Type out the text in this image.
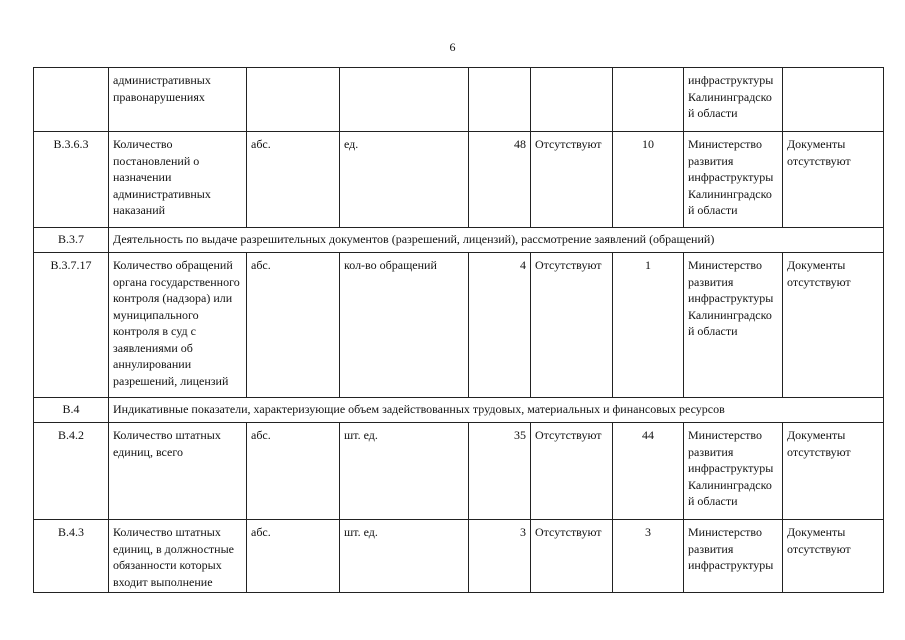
6
	административных правонарушениях						инфраструктуры Калининградской области	
В.3.6.3	Количество постановлений о назначении административных наказаний	абс.	ед.	48	Отсутствуют	10	Министерство развития инфраструктуры Калининградской области	Документы отсутствуют
В.3.7	Деятельность по выдаче разрешительных документов (разрешений, лицензий), рассмотрение заявлений (обращений)							
В.3.7.17	Количество обращений органа государственного контроля (надзора) или муниципального контроля в суд с заявлениями об аннулировании разрешений, лицензий	абс.	кол-во обращений	4	Отсутствуют	1	Министерство развития инфраструктуры Калининградской области	Документы отсутствуют
В.4	Индикативные показатели, характеризующие объем задействованных трудовых, материальных и финансовых ресурсов							
В.4.2	Количество штатных единиц, всего	абс.	шт. ед.	35	Отсутствуют	44	Министерство развития инфраструктуры Калининградской области	Документы отсутствуют
В.4.3	Количество штатных единиц, в должностные обязанности которых входит выполнение	абс.	шт. ед.	3	Отсутствуют	3	Министерство развития инфраструктуры	Документы отсутствуют
